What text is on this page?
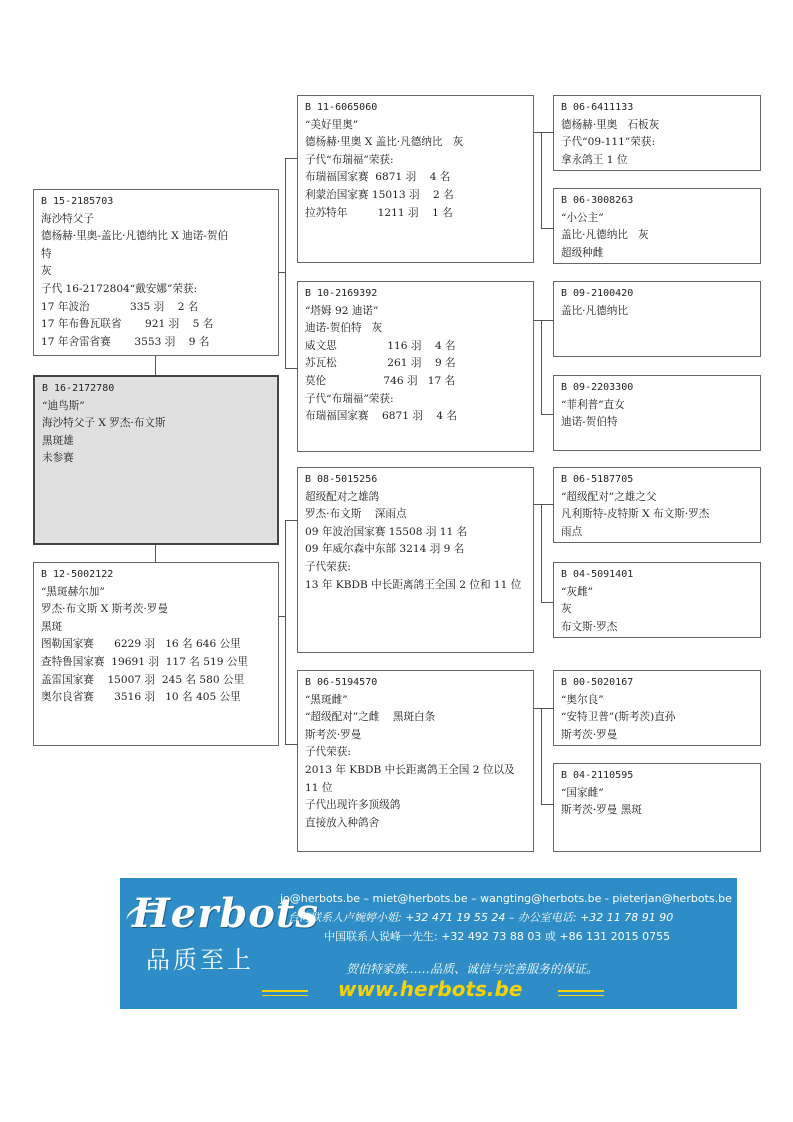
B 15-2185703
海沙特父子
德杨赫·里奥-盖比·凡德纳比 X 迪诺-贺伯
特
灰
子代 16-2172804“戴安娜”荣获:
17 年波治            335 羽    2 名
17 年布鲁瓦联省       921 羽    5 名
17 年舍雷省赛       3553 羽    9 名
B 16-2172780
“迪鸟斯”
海沙特父子 X 罗杰·布文斯
黑斑雄
未参赛
B 12-5002122
“黑斑赫尔加”
罗杰·布文斯 X 斯考茨·罗曼
黑斑
图勒国家赛      6229 羽   16 名 646 公里
查特鲁国家赛  19691 羽  117 名 519 公里
盖雷国家赛    15007 羽  245 名 580 公里
奥尔良省赛      3516 羽   10 名 405 公里
B 11-6065060
“美好里奥”
德杨赫·里奥 X 盖比·凡德纳比   灰
子代“布瑞福”荣获:
布瑞福国家赛  6871 羽    4 名
利蒙治国家赛 15013 羽    2 名
拉苏特年         1211 羽    1 名
B 10-2169392
“塔姆 92 迪诺”
迪诺-贺伯特   灰
威文思               116 羽    4 名
苏瓦松               261 羽    9 名
莫伦                 746 羽   17 名
子代“布瑞福”荣获:
布瑞福国家赛    6871 羽    4 名
B 08-5015256
超级配对之雄鸽
罗杰·布文斯    深雨点
09 年波治国家赛 15508 羽 11 名
09 年威尔森中东部 3214 羽 9 名
子代荣获:
13 年 KBDB 中长距离鸽王全国 2 位和 11 位
B 06-5194570
“黑斑雌”
“超级配对”之雌    黑斑白条
斯考茨·罗曼
子代荣获:
2013 年 KBDB 中长距离鸽王全国 2 位以及
11 位
子代出现许多顶级鸽
直接放入种鸽舍
B 06-6411133
德杨赫·里奥   石板灰
子代“09-111”荣获:
拿永鸽王 1 位
B 06-3008263
“小公主”
盖比·凡德纳比   灰
超级种雌
B 09-2100420
盖比·凡德纳比
B 09-2203300
“菲利普”直女
迪诺-贺伯特
B 06-5187705
“超级配对”之雄之父
凡利斯特-皮特斯 X 布文斯·罗杰
雨点
B 04-5091401
“灰雌”
灰
布文斯·罗杰
B 00-5020167
“奥尔良”
“安特卫普”(斯考茨)直孙
斯考茨·罗曼
B 04-2110595
“国家雌”
斯考茨·罗曼 黑斑
Herbots
品质至上
jo@herbots.be – miet@herbots.be – wangting@herbots.be - pieterjan@herbots.be
台湾联系人卢婉婷小姐: +32 471 19 55 24 – 办公室电话: +32 11 78 91 90
中国联系人说峰一先生: +32 492 73 88 03 或 +86 131 2015 0755
贺伯特家族……品质、诚信与完善服务的保证。
www.herbots.be
